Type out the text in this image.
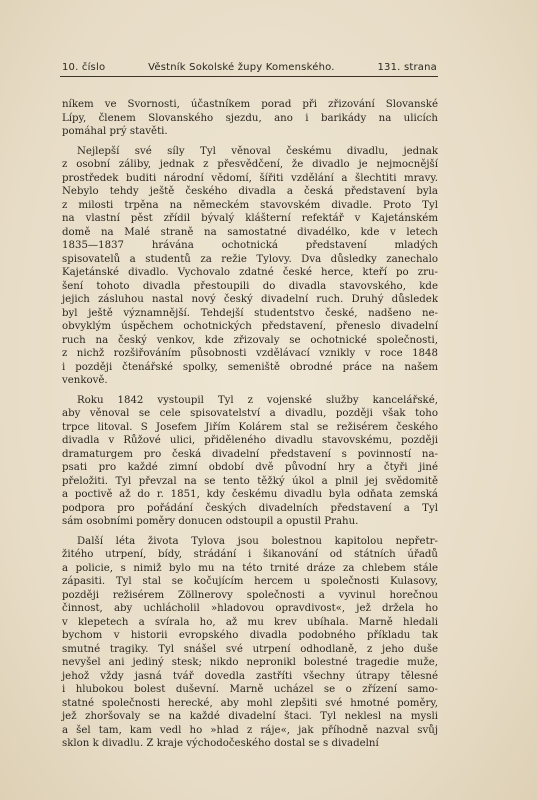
10. číslo	Věstník Sokolské župy Komenského.	131. strana
níkem ve Svornosti, účastníkem porad při zřizování Slovanské
Lípy, členem Slovanského sjezdu, ano i barikády na ulicích
pomáhal prý stavěti.
Nejlepší své síly Tyl věnoval českému divadlu, jednak
z osobní záliby, jednak z přesvědčení, že divadlo je nejmocnější
prostředek buditi národní vědomí, šířiti vzdělání a šlechtiti mravy.
Nebylo tehdy ještě českého divadla a česká představení byla
z milosti trpěna na německém stavovském divadle. Proto Tyl
na vlastní pěst zřídil bývalý klášterní refektář v Kajetánském
domě na Malé straně na samostatné divadélko, kde v letech
1835—1837 hrávána ochotnická představení mladých
spisovatelů a studentů za režie Tylovy. Dva důsledky zanechalo
Kajetánské divadlo. Vychovalo zdatné české herce, kteří po zru-
šení tohoto divadla přestoupili do divadla stavovského, kde
jejich zásluhou nastal nový český divadelní ruch. Druhý důsledek
byl ještě významnější. Tehdejší studentstvo české, nadšeno ne-
obvyklým úspěchem ochotnických představení, přeneslo divadelní
ruch na český venkov, kde zřizovaly se ochotnické společnosti,
z nichž rozšiřováním působnosti vzdělávací vznikly v roce 1848
i později čtenářské spolky, semeniště obrodné práce na našem
venkově.
Roku 1842 vystoupil Tyl z vojenské služby kancelářské,
aby věnoval se cele spisovatelství a divadlu, později však toho
trpce litoval. S Josefem Jiřím Kolárem stal se režisérem českého
divadla v Růžové ulici, přiděleného divadlu stavovskému, později
dramaturgem pro česká divadelní představení s povinností na-
psati pro každé zimní období dvě původní hry a čtyři jiné
přeložiti. Tyl převzal na se tento těžký úkol a plnil jej svědomitě
a poctivě až do r. 1851, kdy českému divadlu byla odňata zemská
podpora pro pořádání českých divadelních představení a Tyl
sám osobními poměry donucen odstoupil a opustil Prahu.
Další léta života Tylova jsou bolestnou kapitolou nepřetr-
žitého utrpení, bídy, strádání i šikanování od státních úřadů
a policie, s nimiž bylo mu na této trnité dráze za chlebem stále
zápasiti. Tyl stal se kočujícím hercem u společnosti Kulasovy,
později režisérem Zöllnerovy společnosti a vyvinul horečnou
činnost, aby uchlácholil »hladovou opravdivost«, jež držela ho
v klepetech a svírala ho, až mu krev ubíhala. Marně hledali
bychom v historii evropského divadla podobného příkladu tak
smutné tragiky. Tyl snášel své utrpení odhodlaně, z jeho duše
nevyšel ani jediný stesk; nikdo nepronikl bolestné tragedie muže,
jehož vždy jasná tvář dovedla zastříti všechny útrapy tělesné
i hlubokou bolest duševní. Marně ucházel se o zřízení samo-
statné společnosti herecké, aby mohl zlepšiti své hmotné poměry,
jež zhoršovaly se na každé divadelní štaci. Tyl neklesl na mysli
a šel tam, kam vedl ho »hlad z ráje«, jak příhodně nazval svůj
sklon k divadlu. Z kraje východočeského dostal se s divadelní
